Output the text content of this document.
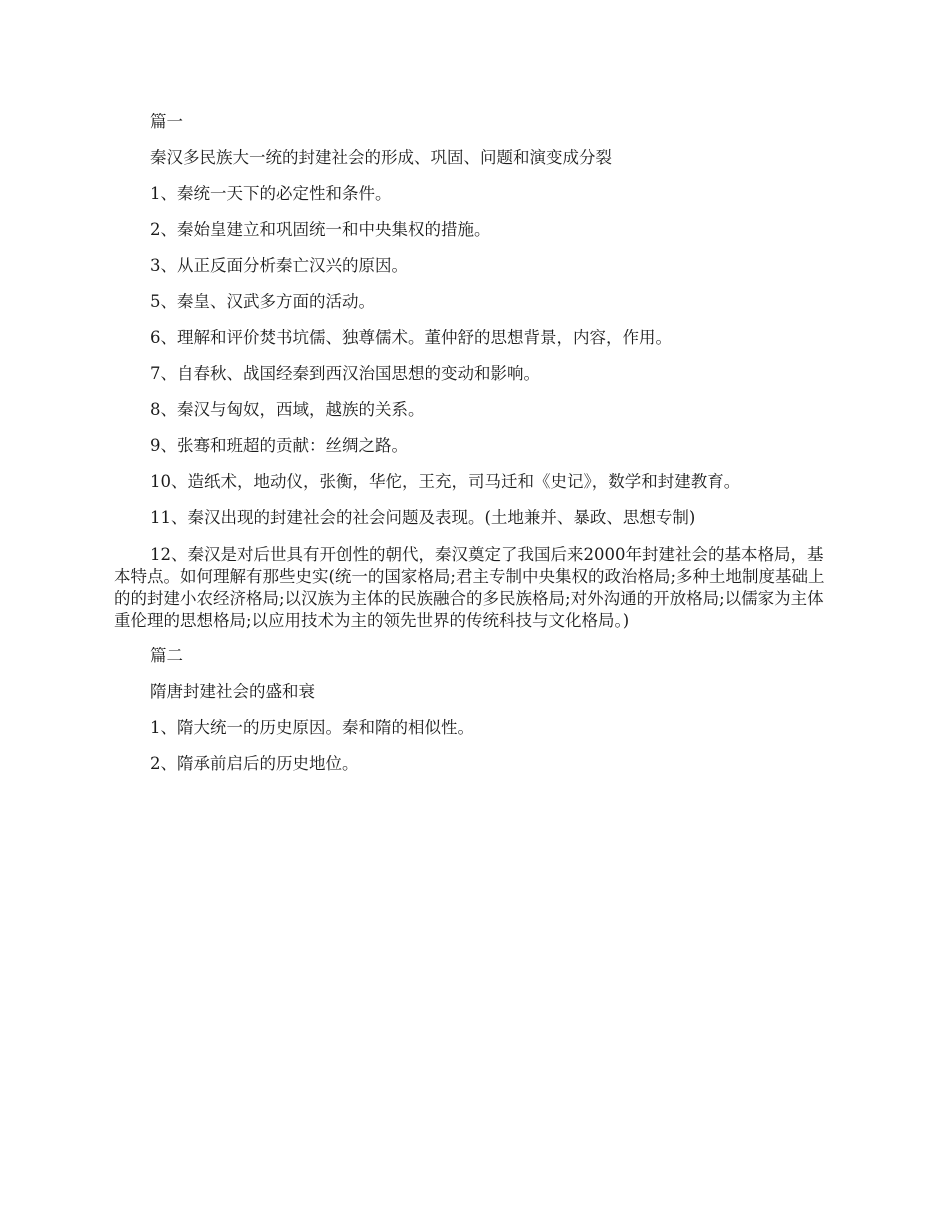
篇一

秦汉多民族大一统的封建社会的形成、巩固、问题和演变成分裂

1、秦统一天下的必定性和条件。

2、秦始皇建立和巩固统一和中央集权的措施。

3、从正反面分析秦亡汉兴的原因。

5、秦皇、汉武多方面的活动。

6、理解和评价焚书坑儒、独尊儒术。董仲舒的思想背景，内容，作用。

7、自春秋、战国经秦到西汉治国思想的变动和影响。

8、秦汉与匈奴，西域，越族的关系。

9、张骞和班超的贡献：丝绸之路。

10、造纸术，地动仪，张衡，华佗，王充，司马迁和《史记》，数学和封建教育。

11、秦汉出现的封建社会的社会问题及表现。(土地兼并、暴政、思想专制)

12、秦汉是对后世具有开创性的朝代，秦汉奠定了我国后来2000年封建社会的基本格局，基本特点。如何理解有那些史实(统一的国家格局;君主专制中央集权的政治格局;多种土地制度基础上的的封建小农经济格局;以汉族为主体的民族融合的多民族格局;对外沟通的开放格局;以儒家为主体重伦理的思想格局;以应用技术为主的领先世界的传统科技与文化格局。)

篇二

隋唐封建社会的盛和衰

1、隋大统一的历史原因。秦和隋的相似性。

2、隋承前启后的历史地位。
